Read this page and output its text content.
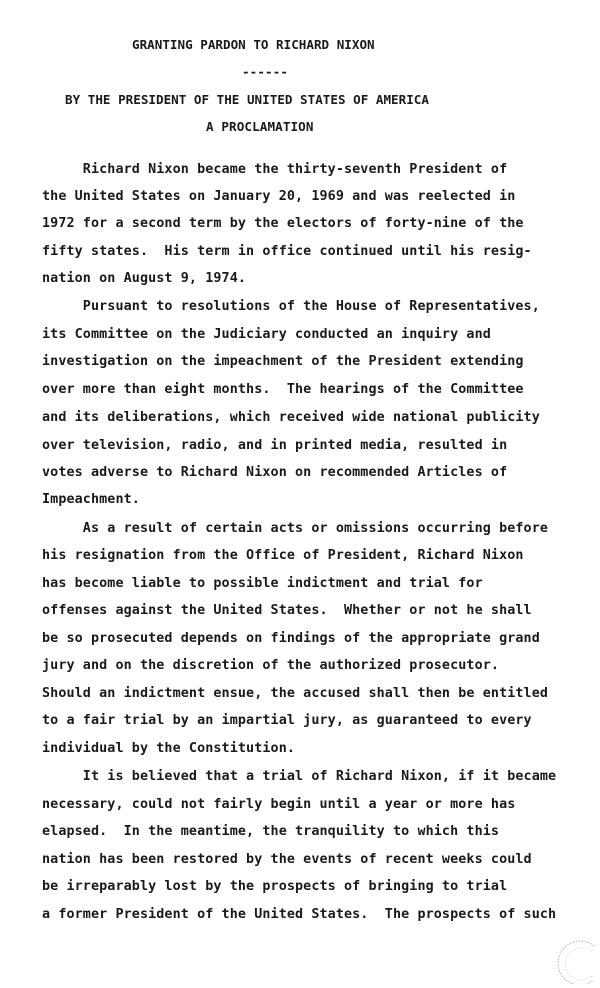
GRANTING PARDON TO RICHARD NIXON
------
BY THE PRESIDENT OF THE UNITED STATES OF AMERICA
A PROCLAMATION
Richard Nixon became the thirty-seventh President of
the United States on January 20, 1969 and was reelected in
1972 for a second term by the electors of forty-nine of the
fifty states.  His term in office continued until his resig-
nation on August 9, 1974.
Pursuant to resolutions of the House of Representatives,
its Committee on the Judiciary conducted an inquiry and
investigation on the impeachment of the President extending
over more than eight months.  The hearings of the Committee
and its deliberations, which received wide national publicity
over television, radio, and in printed media, resulted in
votes adverse to Richard Nixon on recommended Articles of
Impeachment.
As a result of certain acts or omissions occurring before
his resignation from the Office of President, Richard Nixon
has become liable to possible indictment and trial for
offenses against the United States.  Whether or not he shall
be so prosecuted depends on findings of the appropriate grand
jury and on the discretion of the authorized prosecutor.
Should an indictment ensue, the accused shall then be entitled
to a fair trial by an impartial jury, as guaranteed to every
individual by the Constitution.
It is believed that a trial of Richard Nixon, if it became
necessary, could not fairly begin until a year or more has
elapsed.  In the meantime, the tranquility to which this
nation has been restored by the events of recent weeks could
be irreparably lost by the prospects of bringing to trial
a former President of the United States.  The prospects of such
